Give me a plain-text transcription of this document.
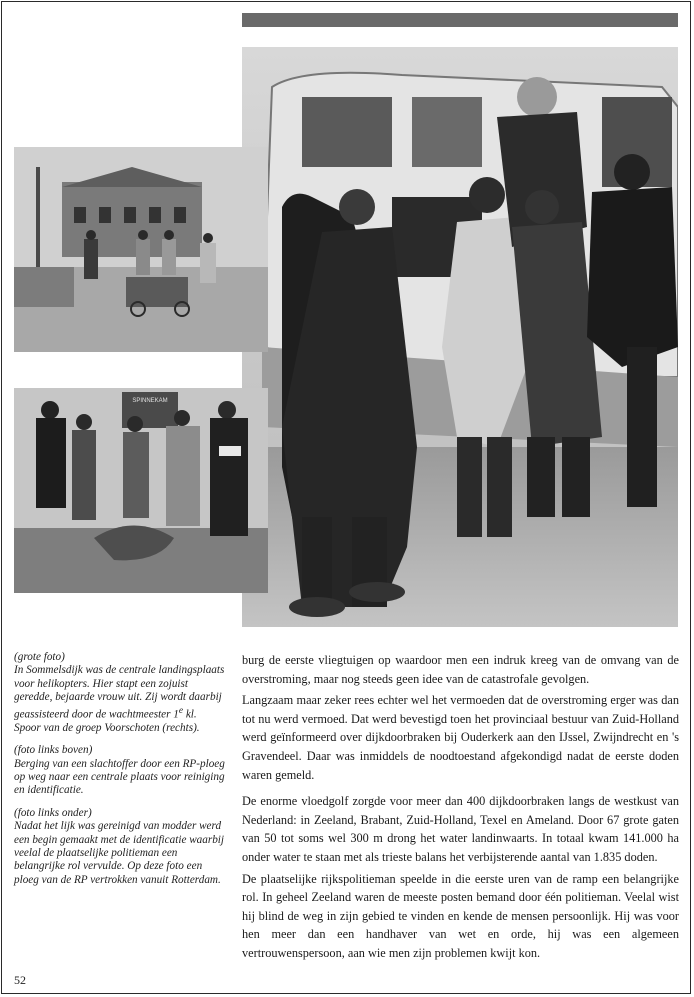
SPINNEKAM

(grote foto)
In Sommelsdijk was de centrale landingsplaats voor helikopters. Hier stapt een zojuist geredde, bejaarde vrouw uit. Zij wordt daarbij geassisteerd door de wachtmeester 1e kl. Spoor van de groep Voorschoten (rechts).

(foto links boven)
Berging van een slachtoffer door een RP-ploeg op weg naar een centrale plaats voor reiniging en identificatie.

(foto links onder)
Nadat het lijk was gereinigd van modder werd een begin gemaakt met de identificatie waarbij veelal de plaatselijke politieman een belangrijke rol vervulde. Op deze foto een ploeg van de RP vertrokken vanuit Rotterdam.

burg de eerste vliegtuigen op waardoor men een indruk kreeg van de omvang van de overstroming, maar nog steeds geen idee van de catastrofale gevolgen.

Langzaam maar zeker rees echter wel het vermoeden dat de overstroming erger was dan tot nu werd vermoed. Dat werd bevestigd toen het provinciaal bestuur van Zuid-Holland werd geïnformeerd over dijkdoorbraken bij Ouderkerk aan den IJssel, Zwijndrecht en 's Gravendeel. Daar was inmiddels de noodtoestand afgekondigd nadat de eerste doden waren gemeld.

De enorme vloedgolf zorgde voor meer dan 400 dijkdoorbraken langs de westkust van Nederland: in Zeeland, Brabant, Zuid-Holland, Texel en Ameland. Door 67 grote gaten van 50 tot soms wel 300 m drong het water landinwaarts. In totaal kwam 141.000 ha onder water te staan met als trieste balans het verbijsterende aantal van 1.835 doden.

De plaatselijke rijkspolitieman speelde in die eerste uren van de ramp een belangrijke rol. In geheel Zeeland waren de meeste posten bemand door één politieman. Veelal wist hij blind de weg in zijn gebied te vinden en kende de mensen persoonlijk. Hij was voor hen meer dan een handhaver van wet en orde, hij was een algemeen vertrouwenspersoon, aan wie men zijn problemen kwijt kon.

52
